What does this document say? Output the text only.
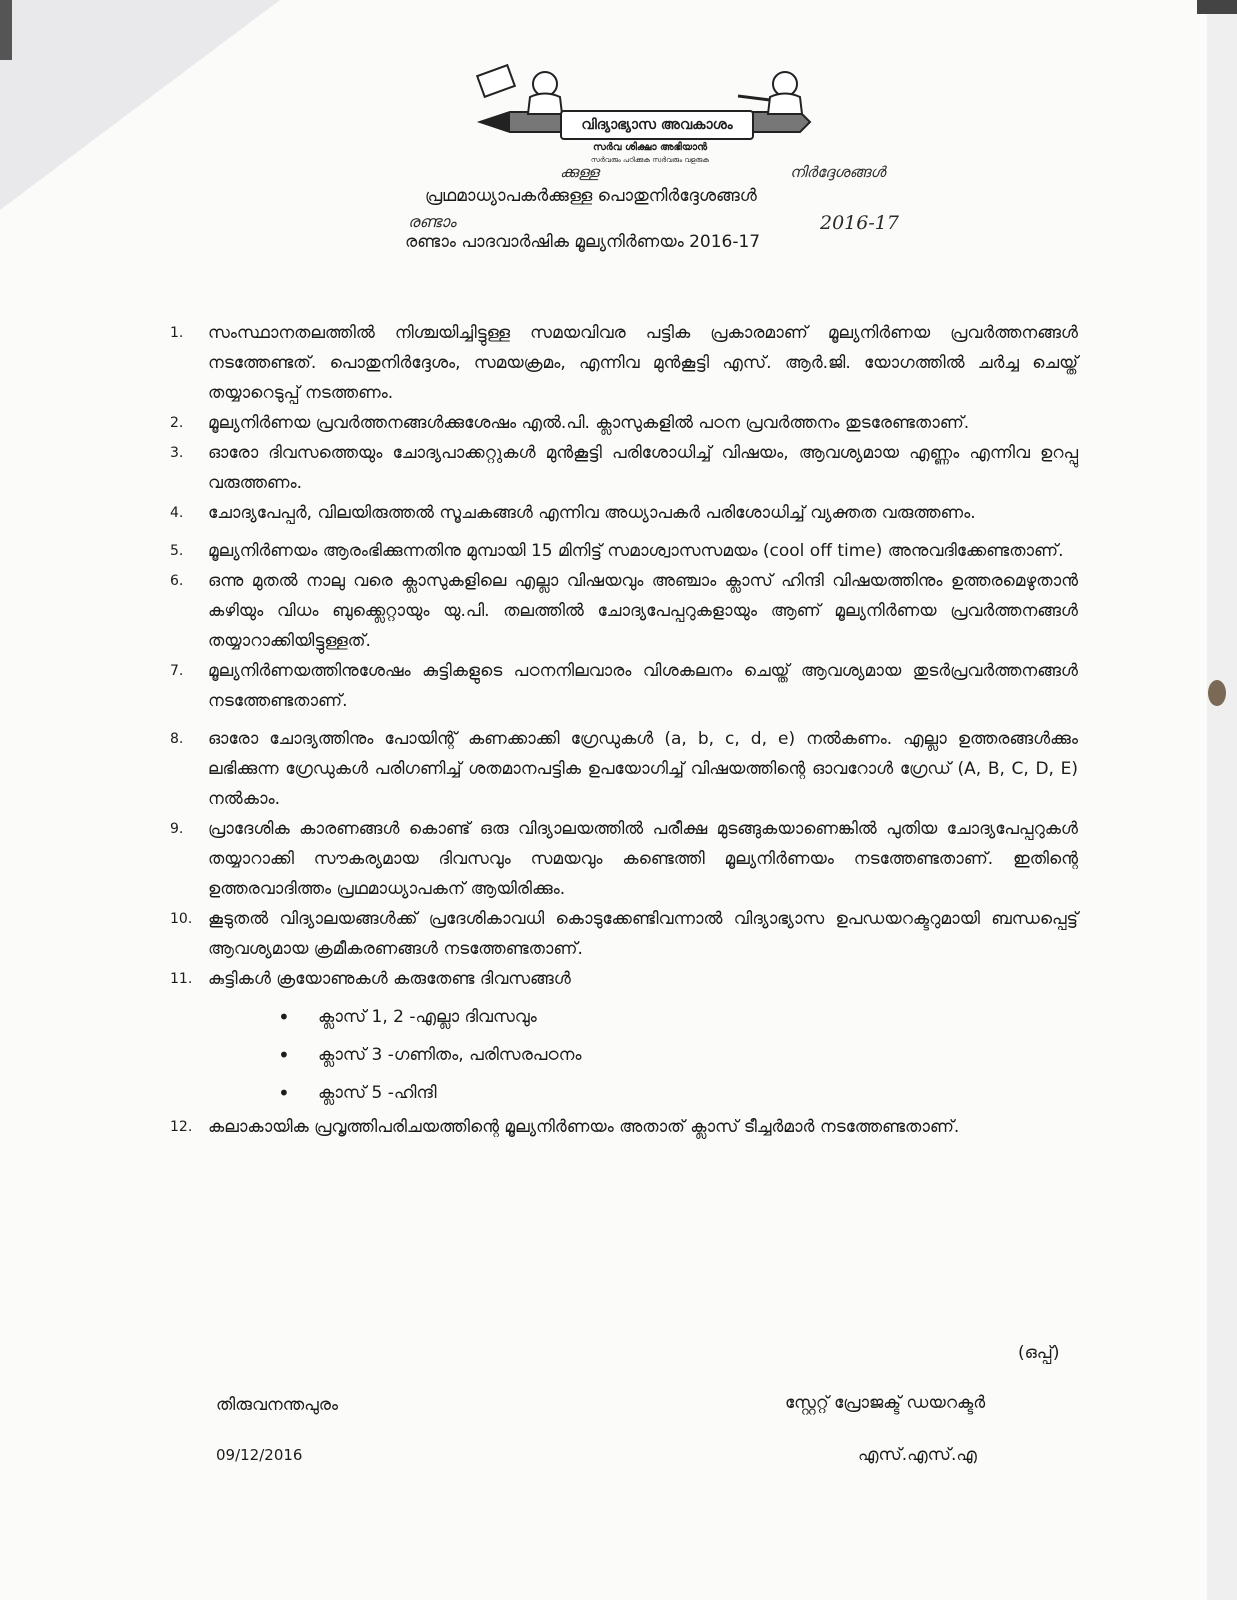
വിദ്യാഭ്യാസ അവകാശം
സർവ ശിക്ഷാ അഭിയാൻ
സർവരും പഠിക്കുക സർവരും വളരുക
ക്കുള്ള	നിർദ്ദേശങ്ങൾ
പ്രഥമാധ്യാപകർക്കുള്ള പൊതുനിർദ്ദേശങ്ങൾ
രണ്ടാം	2016-17
രണ്ടാം പാദവാർഷിക മൂല്യനിർണയം 2016-17
1. സംസ്ഥാനതലത്തിൽ നിശ്ചയിച്ചിട്ടുള്ള സമയവിവര പട്ടിക പ്രകാരമാണ് മൂല്യനിർണയ പ്രവർത്തനങ്ങൾ നടത്തേണ്ടത്. പൊതുനിർദ്ദേശം, സമയക്രമം, എന്നിവ മുൻകൂട്ടി എസ്. ആർ.ജി. യോഗത്തിൽ ചർച്ച ചെയ്ത് തയ്യാറെടുപ്പ് നടത്തണം.
2. മൂല്യനിർണയ പ്രവർത്തനങ്ങൾക്കുശേഷം എൽ.പി. ക്ലാസുകളിൽ പഠന പ്രവർത്തനം തുടരേണ്ടതാണ്.
3. ഓരോ ദിവസത്തെയും ചോദ്യപാക്കറ്റുകൾ മുൻകൂട്ടി പരിശോധിച്ച് വിഷയം, ആവശ്യമായ എണ്ണം എന്നിവ ഉറപ്പു വരുത്തണം.
4. ചോദ്യപേപ്പർ, വിലയിരുത്തൽ സൂചകങ്ങൾ എന്നിവ അധ്യാപകർ പരിശോധിച്ച് വ്യക്തത വരുത്തണം.
5. മൂല്യനിർണയം ആരംഭിക്കുന്നതിനു മുമ്പായി 15 മിനിട്ട് സമാശ്വാസസമയം (cool off time) അനുവദിക്കേണ്ടതാണ്.
6. ഒന്നു മുതൽ നാലു വരെ ക്ലാസുകളിലെ എല്ലാ വിഷയവും അഞ്ചാം ക്ലാസ് ഹിന്ദി വിഷയത്തിനും ഉത്തരമെഴുതാൻ കഴിയും വിധം ബുക്ക്ലെറ്റായും യു.പി. തലത്തിൽ ചോദ്യപേപ്പറുകളായും ആണ് മൂല്യനിർണയ പ്രവർത്തനങ്ങൾ തയ്യാറാക്കിയിട്ടുള്ളത്.
7. മൂല്യനിർണയത്തിനുശേഷം കുട്ടികളുടെ പഠനനിലവാരം വിശകലനം ചെയ്ത് ആവശ്യമായ തുടർപ്രവർത്തനങ്ങൾ നടത്തേണ്ടതാണ്.
8. ഓരോ ചോദ്യത്തിനും പോയിന്റ് കണക്കാക്കി ഗ്രേഡുകൾ (a, b, c, d, e) നൽകണം. എല്ലാ ഉത്തരങ്ങൾക്കും ലഭിക്കുന്ന ഗ്രേഡുകൾ പരിഗണിച്ച് ശതമാനപട്ടിക ഉപയോഗിച്ച് വിഷയത്തിന്റെ ഓവറോൾ ഗ്രേഡ് (A, B, C, D, E) നൽകാം.
9. പ്രാദേശിക കാരണങ്ങൾ കൊണ്ട് ഒരു വിദ്യാലയത്തിൽ പരീക്ഷ മുടങ്ങുകയാണെങ്കിൽ പുതിയ ചോദ്യപേപ്പറുകൾ തയ്യാറാക്കി സൗകര്യമായ ദിവസവും സമയവും കണ്ടെത്തി മൂല്യനിർണയം നടത്തേണ്ടതാണ്. ഇതിന്റെ ഉത്തരവാദിത്തം പ്രഥമാധ്യാപകന് ആയിരിക്കും.
10. കൂടുതൽ വിദ്യാലയങ്ങൾക്ക് പ്രദേശികാവധി കൊടുക്കേണ്ടിവന്നാൽ വിദ്യാഭ്യാസ ഉപഡയറക്ടറുമായി ബന്ധപ്പെട്ട് ആവശ്യമായ ക്രമീകരണങ്ങൾ നടത്തേണ്ടതാണ്.
11. കുട്ടികൾ ക്രയോണുകൾ കരുതേണ്ട ദിവസങ്ങൾ
• ക്ലാസ് 1, 2 -എല്ലാ ദിവസവും
• ക്ലാസ് 3 -ഗണിതം, പരിസരപഠനം
• ക്ലാസ് 5 -ഹിന്ദി
12. കലാകായിക പ്രവൃത്തിപരിചയത്തിന്റെ മൂല്യനിർണയം അതാത് ക്ലാസ് ടീച്ചർമാർ നടത്തേണ്ടതാണ്.
(ഒപ്പ്)
തിരുവനന്തപുരം
09/12/2016
സ്റ്റേറ്റ് പ്രോജക്ട് ഡയറക്ടർ
എസ്.എസ്.എ
